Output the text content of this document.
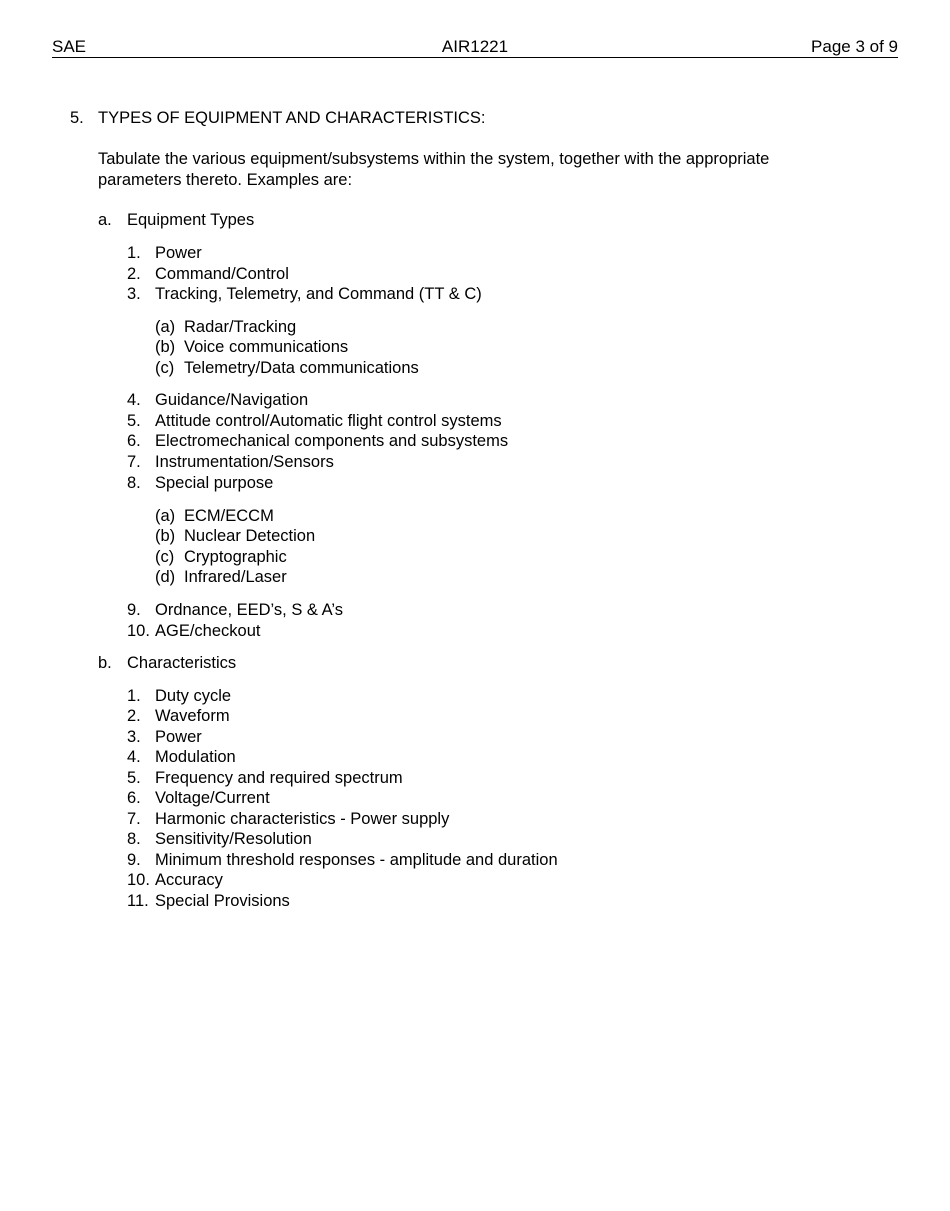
SAE	AIR1221	Page 3 of 9
5. TYPES OF EQUIPMENT AND CHARACTERISTICS:
Tabulate the various equipment/subsystems within the system, together with the appropriate
parameters thereto. Examples are:
a. Equipment Types
1. Power
2. Command/Control
3. Tracking, Telemetry, and Command (TT & C)
(a) Radar/Tracking
(b) Voice communications
(c) Telemetry/Data communications
4. Guidance/Navigation
5. Attitude control/Automatic flight control systems
6. Electromechanical components and subsystems
7. Instrumentation/Sensors
8. Special purpose
(a) ECM/ECCM
(b) Nuclear Detection
(c) Cryptographic
(d) Infrared/Laser
9. Ordnance, EED’s, S & A’s
10. AGE/checkout
b. Characteristics
1. Duty cycle
2. Waveform
3. Power
4. Modulation
5. Frequency and required spectrum
6. Voltage/Current
7. Harmonic characteristics - Power supply
8. Sensitivity/Resolution
9. Minimum threshold responses - amplitude and duration
10. Accuracy
11. Special Provisions
